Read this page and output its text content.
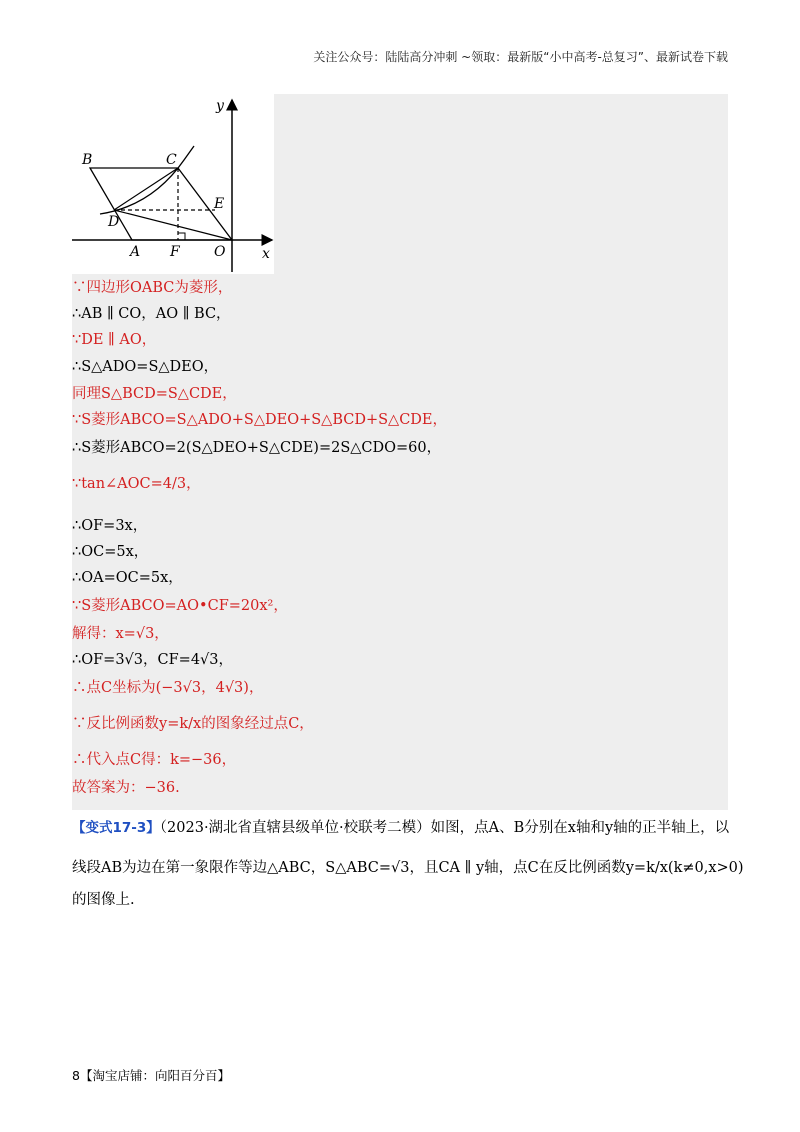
关注公众号：陆陆高分冲刺 ~领取：最新版“小中高考-总复习”、最新试卷下载
B	C
D
E
A F O	x
y
∵四边形OABC为菱形，
∴AB ∥ CO，AO ∥ BC，
∵DE ∥ AO，
∴S△ADO=S△DEO，
同理S△BCD=S△CDE，
∵S菱形ABCO=S△ADO+S△DEO+S△BCD+S△CDE，
∴S菱形ABCO=2(S△DEO+S△CDE)=2S△CDO=60，
∵tan∠AOC=4/3，
∴OF=3x，
∴OC=5x，
∴OA=OC=5x，
∵S菱形ABCO=AO•CF=20x²，
解得：x=√3，
∴OF=3√3，CF=4√3，
∴点C坐标为(−3√3，4√3)，
∵反比例函数y=k/x的图象经过点C，
∴代入点C得：k=−36，
故答案为：−36.
【变式17-3】（2023·湖北省直辖县级单位·校联考二模）如图，点A、B分别在x轴和y轴的正半轴上，以
线段AB为边在第一象限作等边△ABC，S△ABC=√3，且CA ∥ y轴，点C在反比例函数y=k/x(k≠0,x>0)
的图像上.
8【淘宝店铺：向阳百分百】
